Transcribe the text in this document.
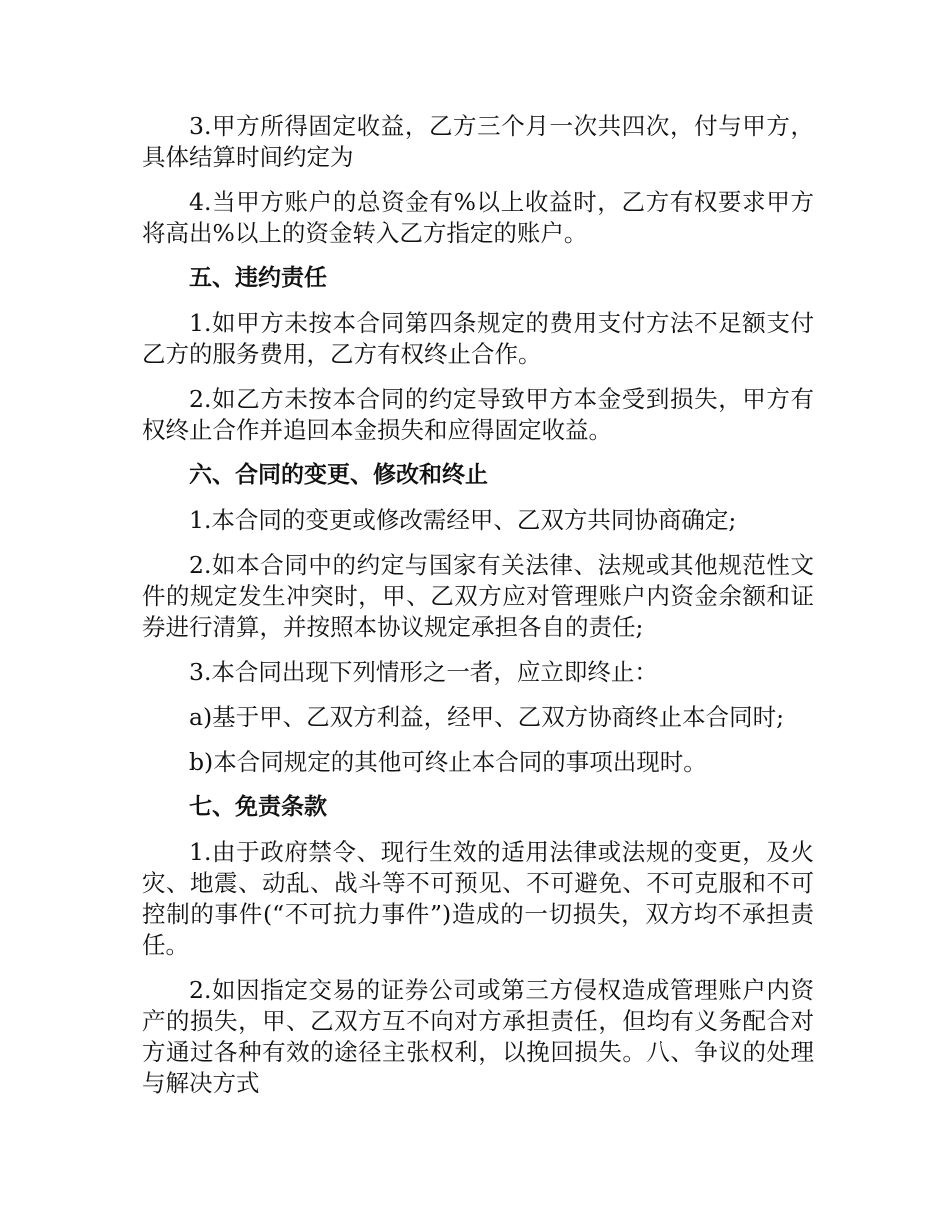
3.甲方所得固定收益，乙方三个月一次共四次，付与甲方，具体结算时间约定为

4.当甲方账户的总资金有%以上收益时，乙方有权要求甲方将高出%以上的资金转入乙方指定的账户。

五、违约责任

1.如甲方未按本合同第四条规定的费用支付方法不足额支付乙方的服务费用，乙方有权终止合作。

2.如乙方未按本合同的约定导致甲方本金受到损失，甲方有权终止合作并追回本金损失和应得固定收益。

六、合同的变更、修改和终止

1.本合同的变更或修改需经甲、乙双方共同协商确定;

2.如本合同中的约定与国家有关法律、法规或其他规范性文件的规定发生冲突时，甲、乙双方应对管理账户内资金余额和证券进行清算，并按照本协议规定承担各自的责任;

3.本合同出现下列情形之一者，应立即终止：

a)基于甲、乙双方利益，经甲、乙双方协商终止本合同时;

b)本合同规定的其他可终止本合同的事项出现时。

七、免责条款

1.由于政府禁令、现行生效的适用法律或法规的变更，及火灾、地震、动乱、战斗等不可预见、不可避免、不可克服和不可控制的事件(“不可抗力事件”)造成的一切损失，双方均不承担责任。

2.如因指定交易的证券公司或第三方侵权造成管理账户内资产的损失，甲、乙双方互不向对方承担责任，但均有义务配合对方通过各种有效的途径主张权利，以挽回损失。八、争议的处理与解决方式
